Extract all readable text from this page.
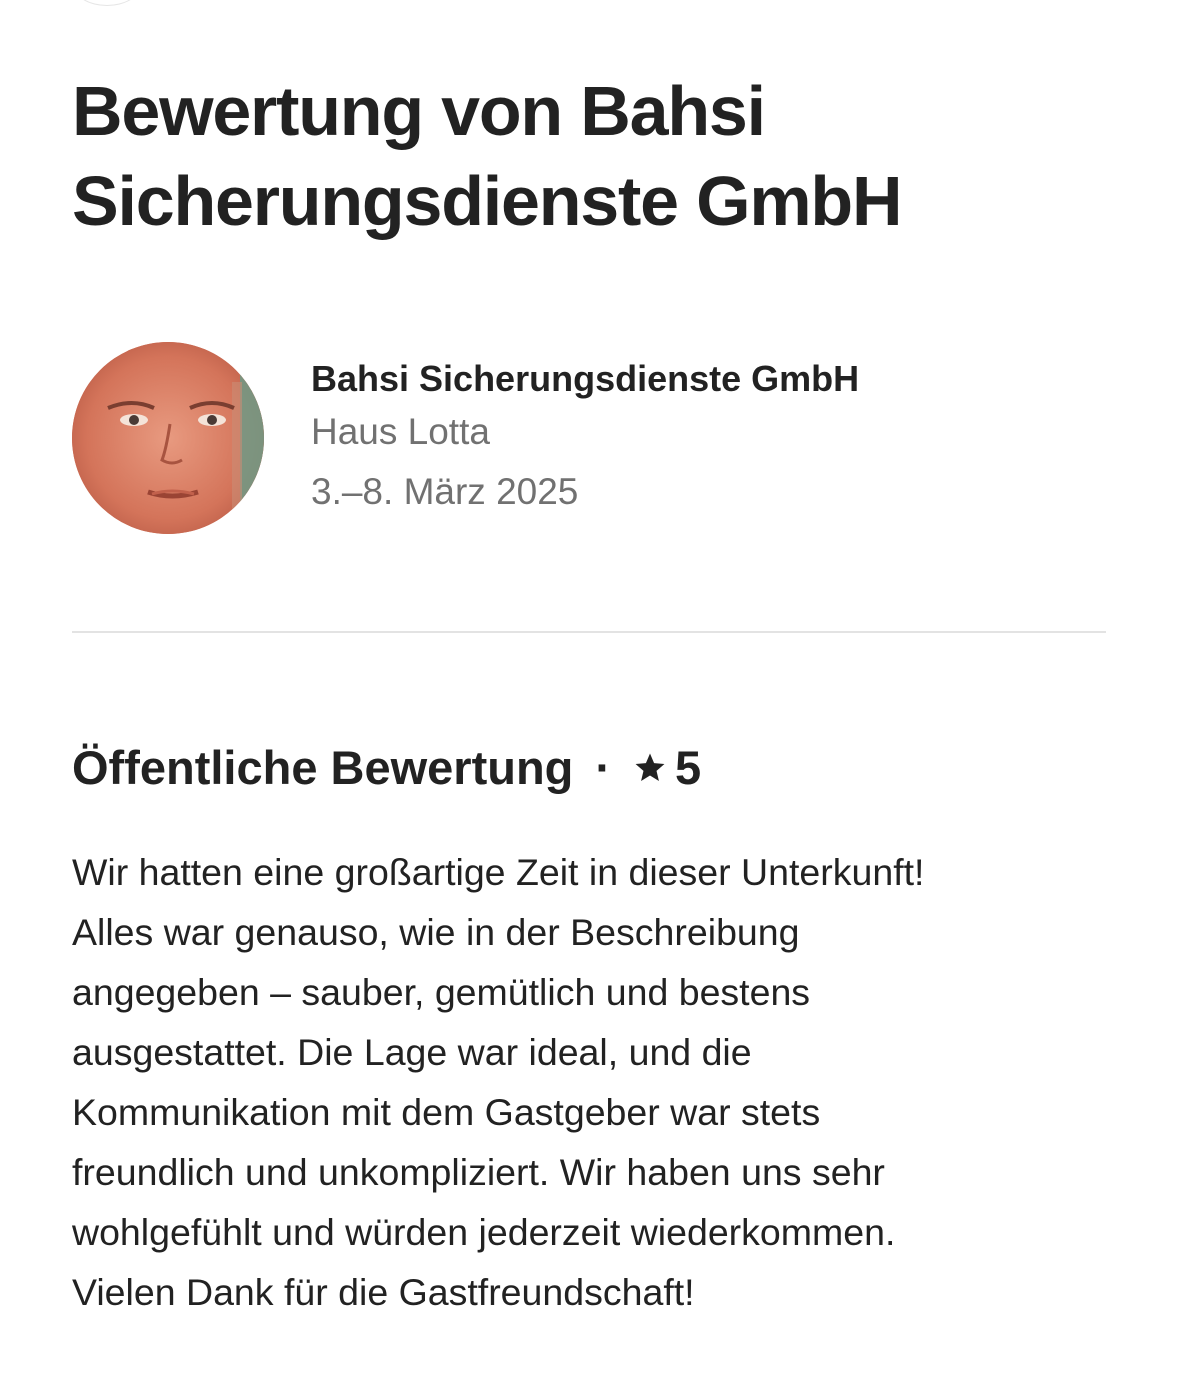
Bewertung von Bahsi Sicherungsdienste GmbH
Bahsi Sicherungsdienste GmbH
Haus Lotta
3.–8. März 2025
Öffentliche Bewertung · 5

Wir hatten eine großartige Zeit in dieser Unterkunft!
Alles war genauso, wie in der Beschreibung
angegeben – sauber, gemütlich und bestens
ausgestattet. Die Lage war ideal, und die
Kommunikation mit dem Gastgeber war stets
freundlich und unkompliziert. Wir haben uns sehr
wohlgefühlt und würden jederzeit wiederkommen.
Vielen Dank für die Gastfreundschaft!
